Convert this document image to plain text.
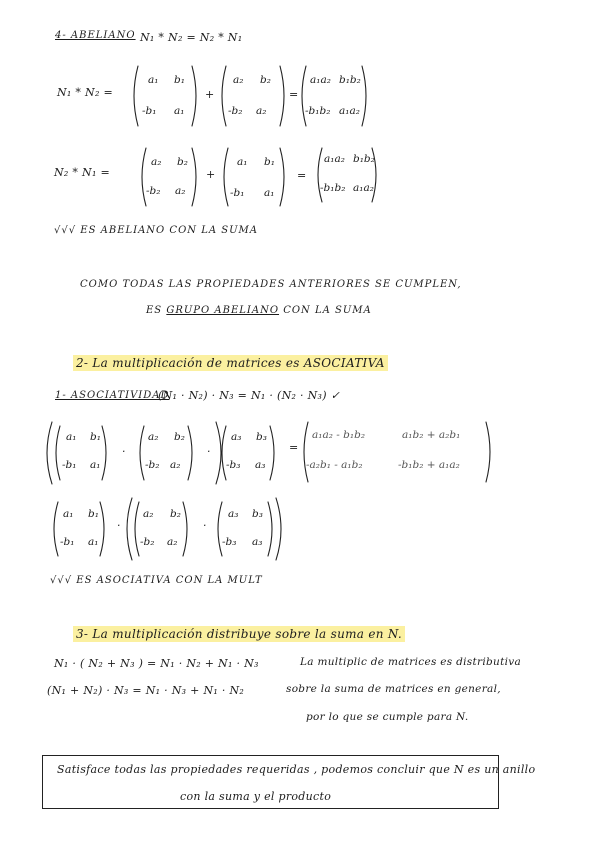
4- ABELIANO N₁ * N₂ = N₂ * N₁
N₁ * N₂ =
a₁ b₁
-b₁ a₁
+
a₂ b₂
-b₂ a₂
=
a₁a₂ b₁b₂
-b₁b₂ a₁a₂
N₂ * N₁ =
a₂ b₂
-b₂ a₂
+
a₁ b₁
-b₁ a₁
=
a₁a₂ b₁b₂
-b₁b₂ a₁a₂
√√√ ES ABELIANO CON LA SUMA
COMO TODAS LAS PROPIEDADES ANTERIORES SE CUMPLEN,
ES GRUPO ABELIANO CON LA SUMA
2- La multiplicación de matrices es ASOCIATIVA
1- ASOCIATIVIDAD
(N₁ · N₂) · N₃ = N₁ · (N₂ · N₃) ✓
a₁ b₁
-b₁ a₁
·
a₂ b₂
-b₂ a₂
·
a₃ b₃
-b₃ a₃
=
a₁a₂ - b₁b₂	a₁b₂ + a₂b₁
-a₂b₁ - a₁b₂	-b₁b₂ + a₁a₂
a₁ b₁
-b₁ a₁
·
a₂ b₂
-b₂ a₂
·
a₃ b₃
-b₃ a₃
√√√ ES ASOCIATIVA CON LA MULT
3- La multiplicación distribuye sobre la suma en N.
N₁ · ( N₂ + N₃ ) = N₁ · N₂ + N₁ · N₃
(N₁ + N₂) · N₃ = N₁ · N₃ + N₁ · N₂
La multiplic de matrices es distributiva
sobre la suma de matrices en general,
por lo que se cumple para N.
Satisface todas las propiedades requeridas , podemos concluir que N es un anillo
con la suma y el producto
